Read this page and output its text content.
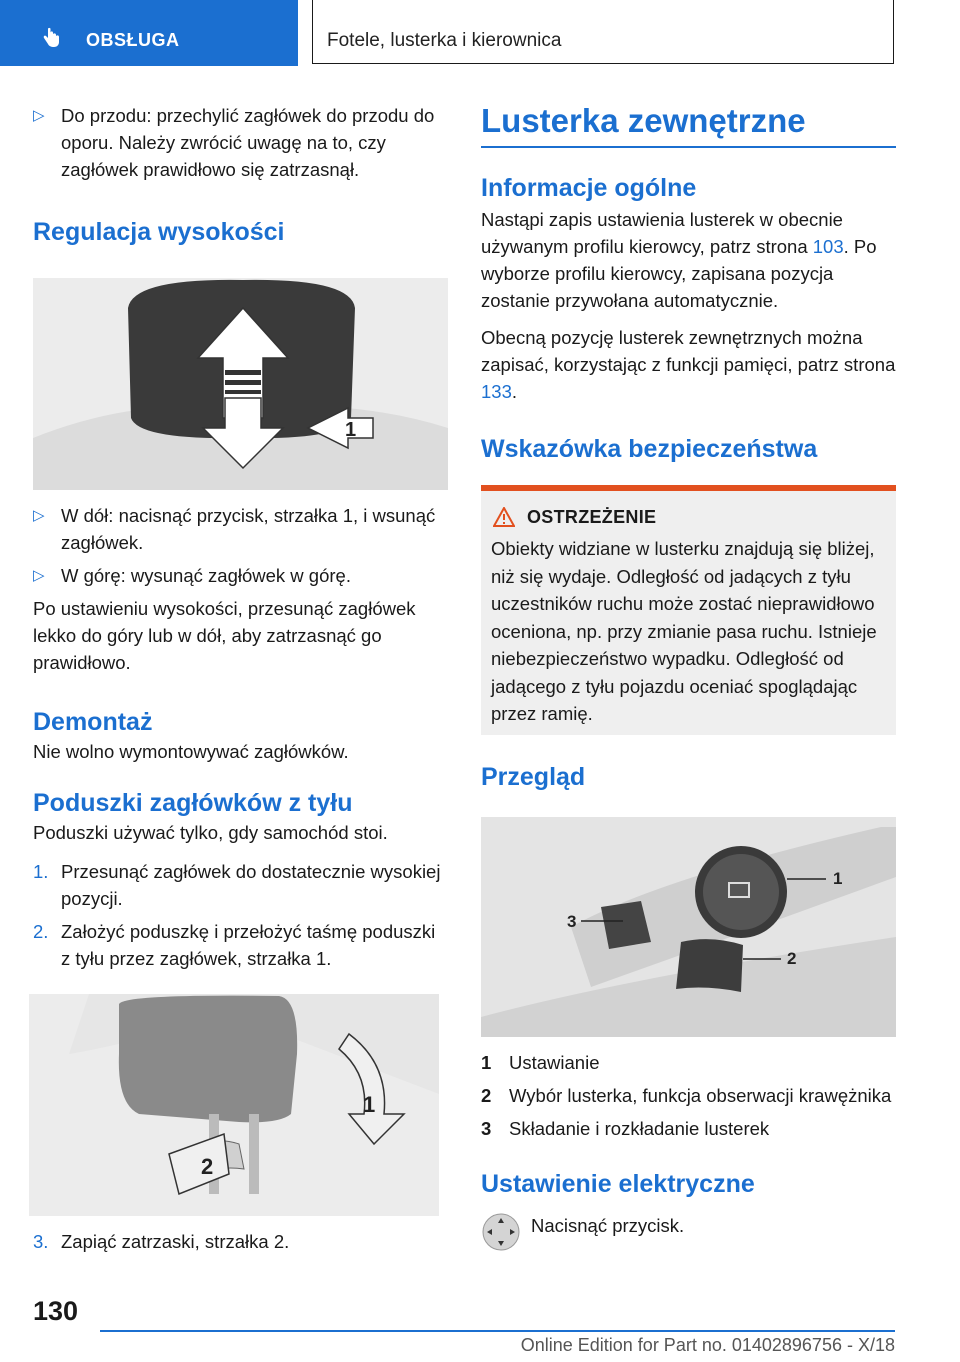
OBSŁUGA	Fotele, lusterka i kierownica
▷ Do przodu: przechylić zagłówek do przodu do oporu. Należy zwrócić uwagę na to, czy zagłówek prawidłowo się zatrzasnął.
Regulacja wysokości
1
▷ W dół: nacisnąć przycisk, strzałka 1, i wsunąć zagłówek.
▷ W górę: wysunąć zagłówek w górę.

Po ustawieniu wysokości, przesunąć zagłówek lekko do góry lub w dół, aby zatrzasnąć go prawidłowo.

Demontaż

Nie wolno wymontowywać zagłówków.

Poduszki zagłówków z tyłu

Poduszki używać tylko, gdy samochód stoi.

1. Przesunąć zagłówek do dostatecznie wysokiej pozycji.
2. Założyć poduszkę i przełożyć taśmę poduszki z tyłu przez zagłówek, strzałka 1.
1
2
3. Zapiąć zatrzaski, strzałka 2.
Lusterka zewnętrzne
Informacje ogólne

Nastąpi zapis ustawienia lusterek w obecnie używanym profilu kierowcy, patrz strona 103. Po wyborze profilu kierowcy, zapisana pozycja zostanie przywołana automatycznie.

Obecną pozycję lusterek zewnętrznych można zapisać, korzystając z funkcji pamięci, patrz strona 133.

Wskazówka bezpieczeństwa
OSTRZEŻENIE

Obiekty widziane w lusterku znajdują się bliżej, niż się wydaje. Odległość od jadących z tyłu uczestników ruchu może zostać nieprawidłowo oceniona, np. przy zmianie pasa ruchu. Istnieje niebezpieczeństwo wypadku. Odległość od jadącego z tyłu pojazdu oceniać spoglądając przez ramię.

Przegląd
1
2
3
1 Ustawianie
2 Wybór lusterka, funkcja obserwacji krawężnika
3 Składanie i rozkładanie lusterek
Ustawienie elektryczne
Nacisnąć przycisk.
130
Online Edition for Part no. 01402896756 - X/18
